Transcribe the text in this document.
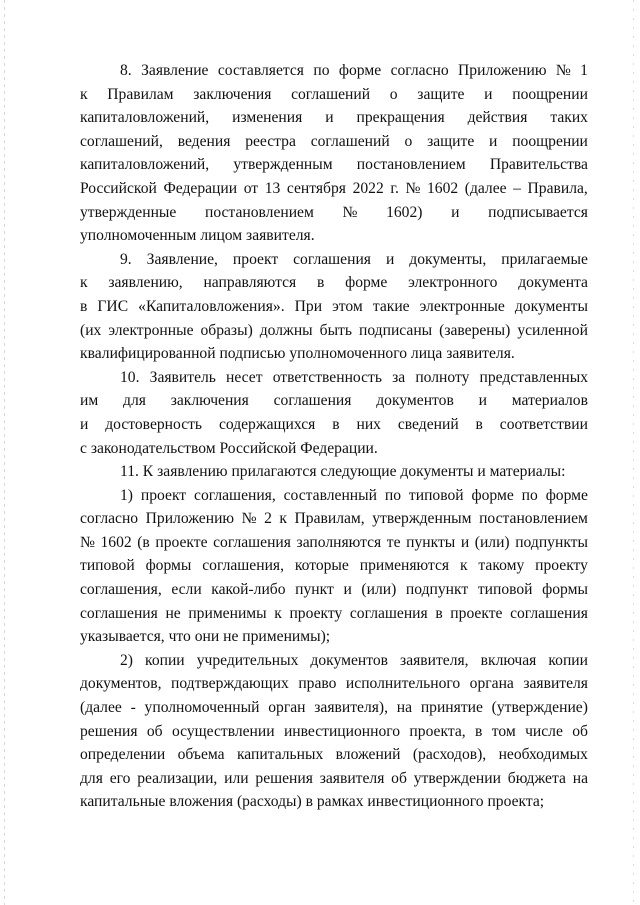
8. Заявление составляется по форме согласно Приложению № 1
к Правилам заключения соглашений о защите и поощрении
капиталовложений, изменения и прекращения действия таких
соглашений, ведения реестра соглашений о защите и поощрении
капиталовложений, утвержденным постановлением Правительства
Российской Федерации от 13 сентября 2022 г. № 1602 (далее – Правила,
утвержденные постановлением № 1602) и подписывается
уполномоченным лицом заявителя.
9. Заявление, проект соглашения и документы, прилагаемые
к заявлению, направляются в форме электронного документа
в ГИС «Капиталовложения». При этом такие электронные документы
(их электронные образы) должны быть подписаны (заверены) усиленной
квалифицированной подписью уполномоченного лица заявителя.
10. Заявитель несет ответственность за полноту представленных
им для заключения соглашения документов и материалов
и достоверность содержащихся в них сведений в соответствии
с законодательством Российской Федерации.
11. К заявлению прилагаются следующие документы и материалы:
1) проект соглашения, составленный по типовой форме по форме
согласно Приложению № 2 к Правилам, утвержденным постановлением
№ 1602 (в проекте соглашения заполняются те пункты и (или) подпункты
типовой формы соглашения, которые применяются к такому проекту
соглашения, если какой-либо пункт и (или) подпункт типовой формы
соглашения не применимы к проекту соглашения в проекте соглашения
указывается, что они не применимы);
2) копии учредительных документов заявителя, включая копии
документов, подтверждающих право исполнительного органа заявителя
(далее - уполномоченный орган заявителя), на принятие (утверждение)
решения об осуществлении инвестиционного проекта, в том числе об
определении объема капитальных вложений (расходов), необходимых
для его реализации, или решения заявителя об утверждении бюджета на
капитальные вложения (расходы) в рамках инвестиционного проекта;
